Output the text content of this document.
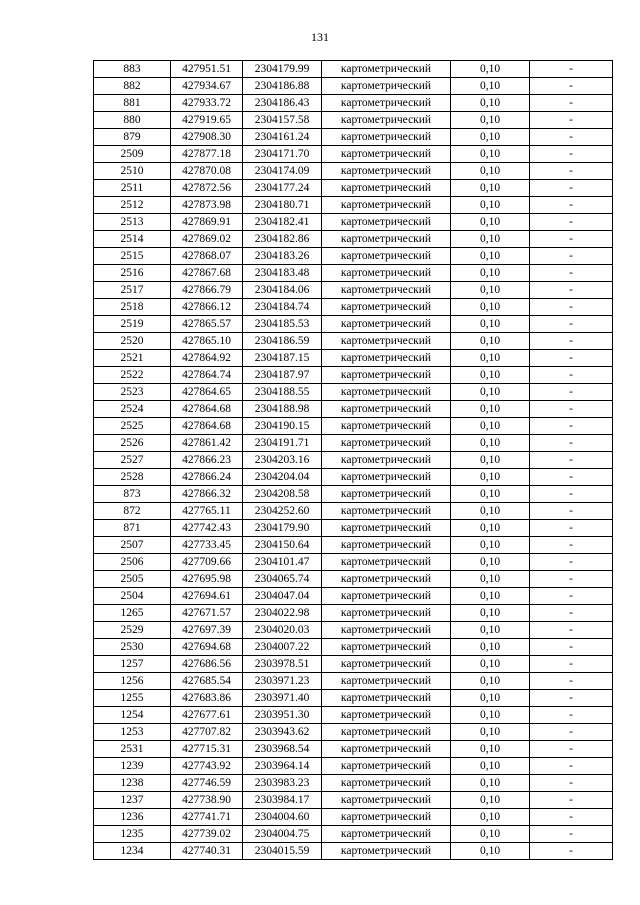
131
883	427951.51	2304179.99	картометрический	0,10	-
882	427934.67	2304186.88	картометрический	0,10	-
881	427933.72	2304186.43	картометрический	0,10	-
880	427919.65	2304157.58	картометрический	0,10	-
879	427908.30	2304161.24	картометрический	0,10	-
2509	427877.18	2304171.70	картометрический	0,10	-
2510	427870.08	2304174.09	картометрический	0,10	-
2511	427872.56	2304177.24	картометрический	0,10	-
2512	427873.98	2304180.71	картометрический	0,10	-
2513	427869.91	2304182.41	картометрический	0,10	-
2514	427869.02	2304182.86	картометрический	0,10	-
2515	427868.07	2304183.26	картометрический	0,10	-
2516	427867.68	2304183.48	картометрический	0,10	-
2517	427866.79	2304184.06	картометрический	0,10	-
2518	427866.12	2304184.74	картометрический	0,10	-
2519	427865.57	2304185.53	картометрический	0,10	-
2520	427865.10	2304186.59	картометрический	0,10	-
2521	427864.92	2304187.15	картометрический	0,10	-
2522	427864.74	2304187.97	картометрический	0,10	-
2523	427864.65	2304188.55	картометрический	0,10	-
2524	427864.68	2304188.98	картометрический	0,10	-
2525	427864.68	2304190.15	картометрический	0,10	-
2526	427861.42	2304191.71	картометрический	0,10	-
2527	427866.23	2304203.16	картометрический	0,10	-
2528	427866.24	2304204.04	картометрический	0,10	-
873	427866.32	2304208.58	картометрический	0,10	-
872	427765.11	2304252.60	картометрический	0,10	-
871	427742.43	2304179.90	картометрический	0,10	-
2507	427733.45	2304150.64	картометрический	0,10	-
2506	427709.66	2304101.47	картометрический	0,10	-
2505	427695.98	2304065.74	картометрический	0,10	-
2504	427694.61	2304047.04	картометрический	0,10	-
1265	427671.57	2304022.98	картометрический	0,10	-
2529	427697.39	2304020.03	картометрический	0,10	-
2530	427694.68	2304007.22	картометрический	0,10	-
1257	427686.56	2303978.51	картометрический	0,10	-
1256	427685.54	2303971.23	картометрический	0,10	-
1255	427683.86	2303971.40	картометрический	0,10	-
1254	427677.61	2303951.30	картометрический	0,10	-
1253	427707.82	2303943.62	картометрический	0,10	-
2531	427715.31	2303968.54	картометрический	0,10	-
1239	427743.92	2303964.14	картометрический	0,10	-
1238	427746.59	2303983.23	картометрический	0,10	-
1237	427738.90	2303984.17	картометрический	0,10	-
1236	427741.71	2304004.60	картометрический	0,10	-
1235	427739.02	2304004.75	картометрический	0,10	-
1234	427740.31	2304015.59	картометрический	0,10	-
